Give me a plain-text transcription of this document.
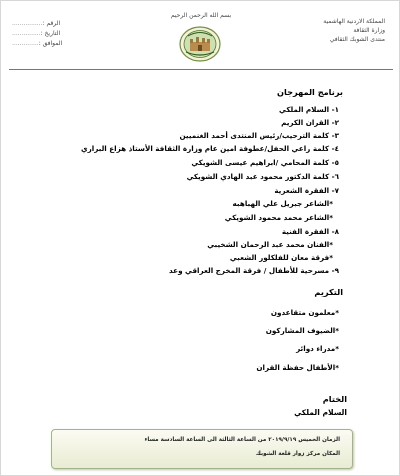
بسم الله الرحمن الرحيم
المملكة الاردنية الهاشمية
وزارة الثقافة
منتدى الشوبك الثقافي
الرقم :
................
التاريخ :
...............
الموافق :
..............
برنامج المهرجان
١- السلام الملكي
٢- القران الكريم
٣- كلمة الترحيب/رئيس المنتدى أحمد الغنميين
٤- كلمة راعي الحفل/عطوفة امين عام وزارة الثقافة الأستاذ هزاع البراري
٥- كلمة المحامي /ابراهيم عيسى الشويكي
٦- كلمة الدكتور محمود عبد الهادي الشويكي
٧- الفقرة الشعرية
*الشاعر جبريل علي الهباهبه
*الشاعر محمد محمود الشويكي
٨- الفقرة الفنية
*الفنان محمد عبد الرحمان الشخيبي
*فرقة معان للفلكلور الشعبي
٩- مسرحية للأطفال / فرقة المخرج العراقي وعد
التكريم
*معلمون متقاعدون
*الضيوف المشاركون
*مدراء دوائر
*الأطفال حفظة القران
الختام
السلام الملكي
الزمان الخميس ٢٠١٩/٩/١٩ من الساعة الثالثة الى الساعة السادسة مساء
المكان مركز زوار قلعة الشوبك
